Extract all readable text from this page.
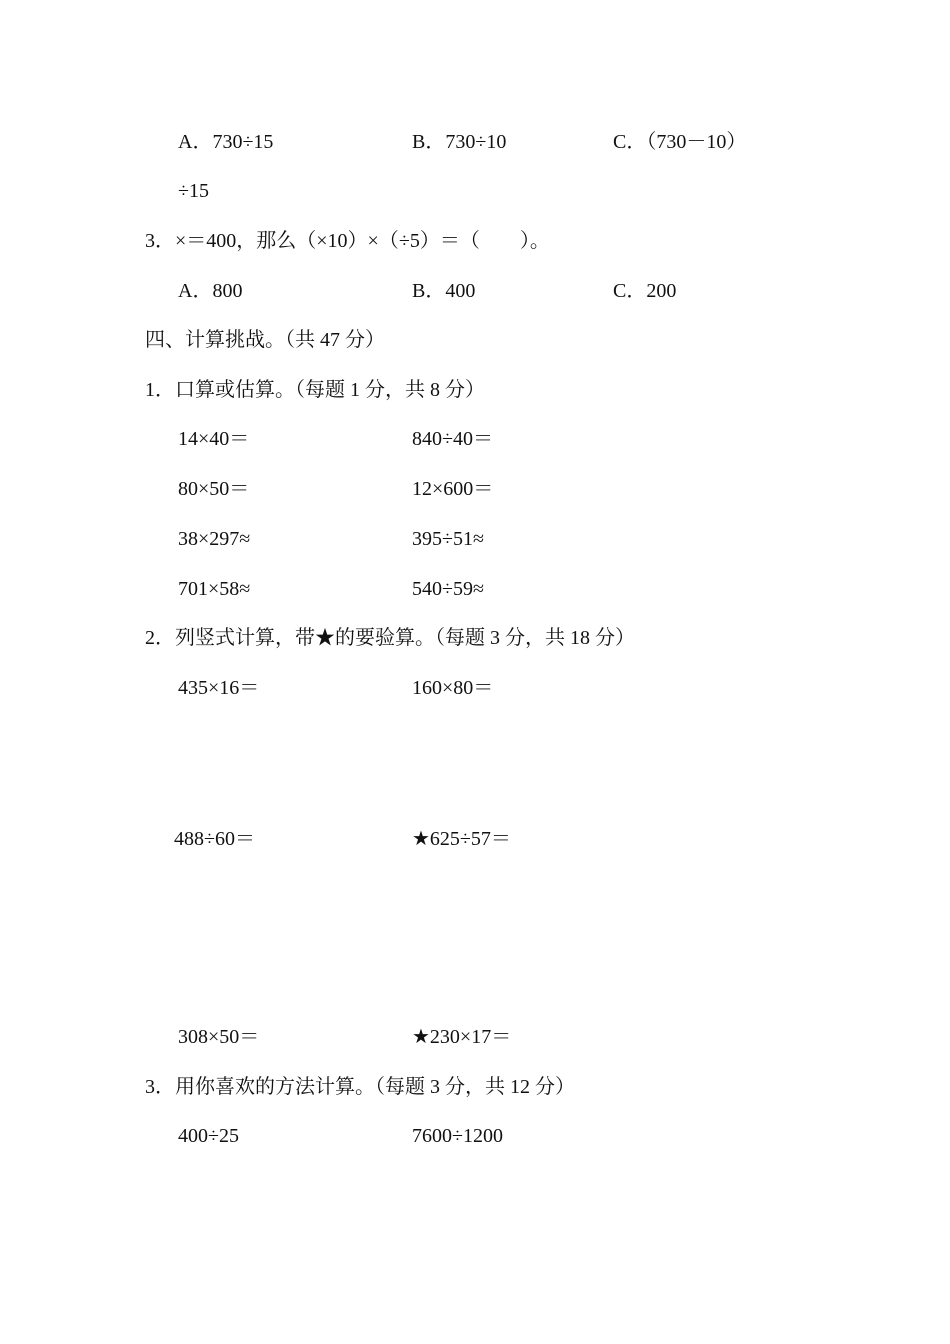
A．730÷15	B．730÷10	C．（730－10）
÷15
3．×＝400，那么（×10）×（÷5）＝（　　）。
A．800	B．400	C．200
四、计算挑战。（共 47 分）
1．口算或估算。（每题 1 分，共 8 分）
14×40＝	840÷40＝
80×50＝	12×600＝
38×297≈	395÷51≈
701×58≈	540÷59≈
2．列竖式计算，带★的要验算。（每题 3 分，共 18 分）
435×16＝	160×80＝
488÷60＝	★625÷57＝
308×50＝	★230×17＝
3．用你喜欢的方法计算。（每题 3 分，共 12 分）
400÷25	7600÷1200
